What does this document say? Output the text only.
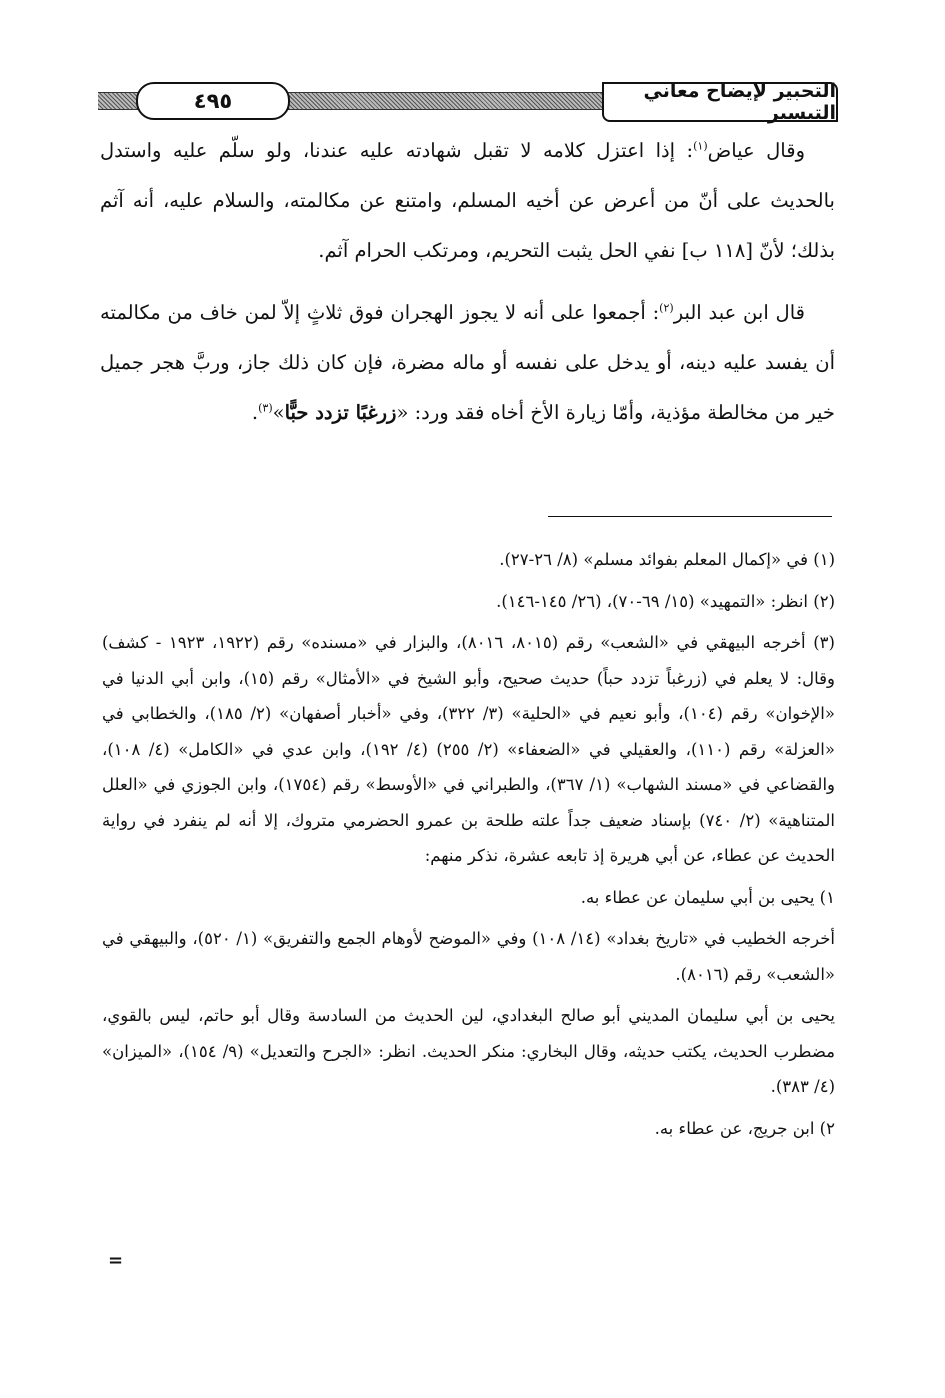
التحبير لإيضاح معاني التيسير
٤٩٥

وقال عياض$^{(١)}$: إذا اعتزل كلامه لا تقبل شهادته عليه عندنا، ولو سلّم عليه واستدل بالحديث على أنّ من أعرض عن أخيه المسلم، وامتنع عن مكالمته، والسلام عليه، أنه آثم بذلك؛ لأنّ [١١٨ ب] نفي الحل يثبت التحريم، ومرتكب الحرام آثم.

قال ابن عبد البر$^{(٢)}$: أجمعوا على أنه لا يجوز الهجران فوق ثلاثٍ إلاّ لمن خاف من مكالمته أن يفسد عليه دينه، أو يدخل على نفسه أو ماله مضرة، فإن كان ذلك جاز، وربَّ هجر جميل خير من مخالطة مؤذية، وأمّا زيارة الأخ أخاه فقد ورد: «زرغبًا تزدد حبًّا»$^{(٣)}$.

(١) في «إكمال المعلم بفوائد مسلم» (٨/ ٢٦-٢٧).

(٢) انظر: «التمهيد» (١٥/ ٦٩-٧٠)، (٢٦/ ١٤٥-١٤٦).

(٣) أخرجه البيهقي في «الشعب» رقم (٨٠١٥، ٨٠١٦)، والبزار في «مسنده» رقم (١٩٢٢، ١٩٢٣ - كشف) وقال: لا يعلم في (زرغباً تزدد حباً) حديث صحيح، وأبو الشيخ في «الأمثال» رقم (١٥)، وابن أبي الدنيا في «الإخوان» رقم (١٠٤)، وأبو نعيم في «الحلية» (٣/ ٣٢٢)، وفي «أخبار أصفهان» (٢/ ١٨٥)، والخطابي في «العزلة» رقم (١١٠)، والعقيلي في «الضعفاء» (٢/ ٢٥٥) (٤/ ١٩٢)، وابن عدي في «الكامل» (٤/ ١٠٨)، والقضاعي في «مسند الشهاب» (١/ ٣٦٧)، والطبراني في «الأوسط» رقم (١٧٥٤)، وابن الجوزي في «العلل المتناهية» (٢/ ٧٤٠) بإسناد ضعيف جداً علته طلحة بن عمرو الحضرمي متروك، إلا أنه لم ينفرد في رواية الحديث عن عطاء، عن أبي هريرة إذ تابعه عشرة، نذكر منهم:

١) يحيى بن أبي سليمان عن عطاء به.

أخرجه الخطيب في «تاريخ بغداد» (١٤/ ١٠٨) وفي «الموضح لأوهام الجمع والتفريق» (١/ ٥٢٠)، والبيهقي في «الشعب» رقم (٨٠١٦).

يحيى بن أبي سليمان المديني أبو صالح البغدادي، لين الحديث من السادسة وقال أبو حاتم، ليس بالقوي، مضطرب الحديث، يكتب حديثه، وقال البخاري: منكر الحديث. انظر: «الجرح والتعديل» (٩/ ١٥٤)، «الميزان» (٤/ ٣٨٣).

٢) ابن جريج، عن عطاء به.

=
